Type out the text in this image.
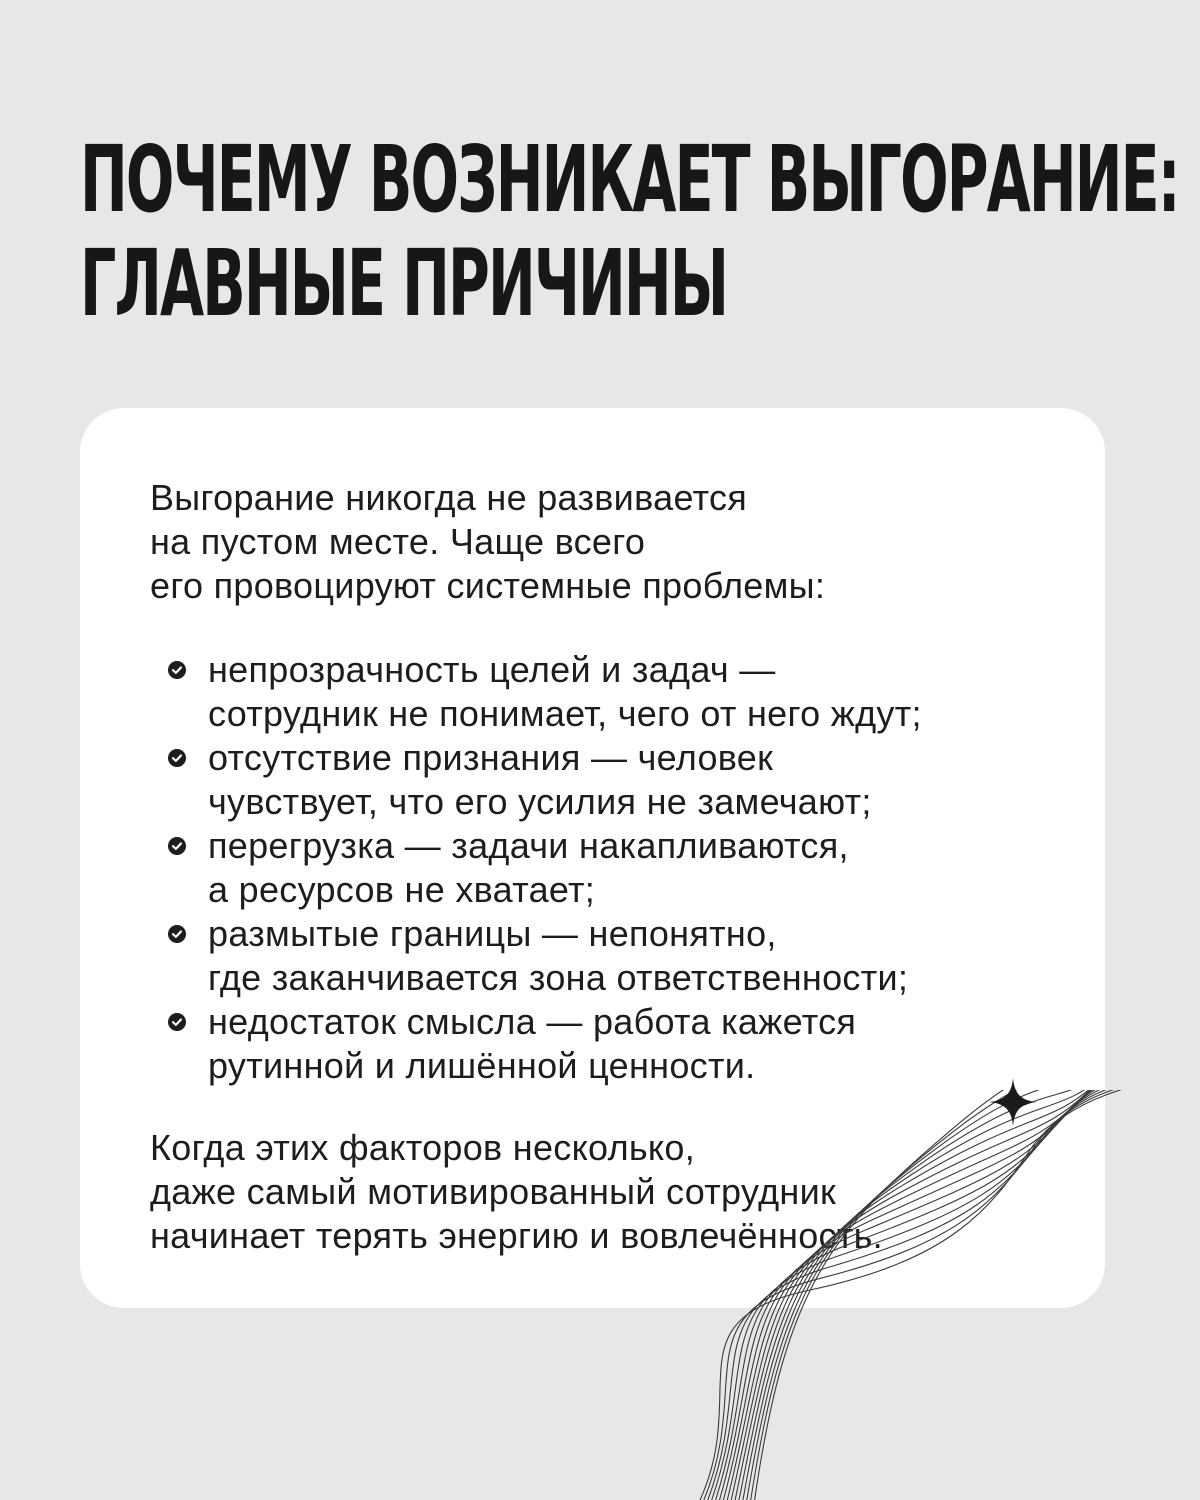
ПОЧЕМУ ВОЗНИКАЕТ ВЫГОРАНИЕ:
ГЛАВНЫЕ ПРИЧИНЫ

Выгорание никогда не развивается
на пустом месте. Чаще всего
его провоцируют системные проблемы:

непрозрачность целей и задач —
сотрудник не понимает, чего от него ждут;
отсутствие признания — человек
чувствует, что его усилия не замечают;
перегрузка — задачи накапливаются,
а ресурсов не хватает;
размытые границы — непонятно,
где заканчивается зона ответственности;
недостаток смысла — работа кажется
рутинной и лишённой ценности.

Когда этих факторов несколько,
даже самый мотивированный сотрудник
начинает терять энергию и вовлечённость.
